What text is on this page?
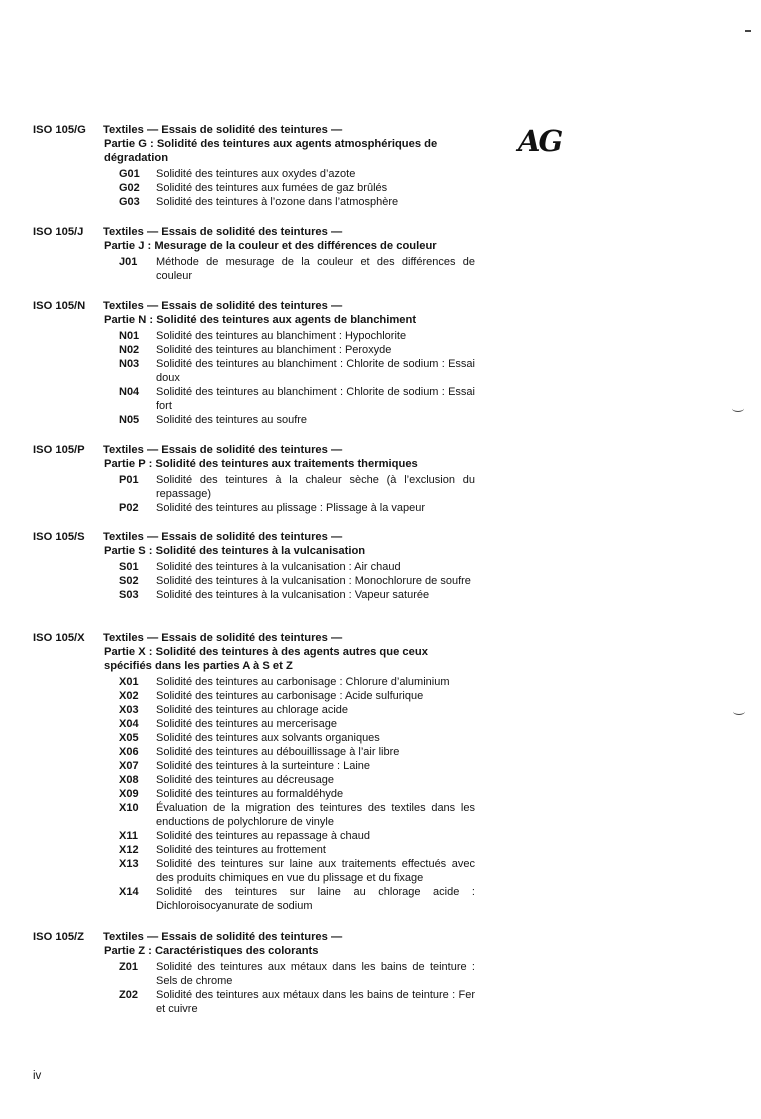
AG
ISO 105/G Textiles — Essais de solidité des teintures —
Partie G : Solidité des teintures aux agents atmosphériques de dégradation
G01	Solidité des teintures aux oxydes d’azote
G02	Solidité des teintures aux fumées de gaz brûlés
G03	Solidité des teintures à l’ozone dans l’atmosphère
ISO 105/J Textiles — Essais de solidité des teintures —
Partie J : Mesurage de la couleur et des différences de couleur
J01	Méthode de mesurage de la couleur et des différences de couleur
ISO 105/N Textiles — Essais de solidité des teintures —
Partie N : Solidité des teintures aux agents de blanchiment
N01	Solidité des teintures au blanchiment : Hypochlorite
N02	Solidité des teintures au blanchiment : Peroxyde
N03	Solidité des teintures au blanchiment : Chlorite de sodium : Essai doux
N04	Solidité des teintures au blanchiment : Chlorite de sodium : Essai fort
N05	Solidité des teintures au soufre
ISO 105/P Textiles — Essais de solidité des teintures —
Partie P : Solidité des teintures aux traitements thermiques
P01	Solidité des teintures à la chaleur sèche (à l’exclusion du repassage)
P02	Solidité des teintures au plissage : Plissage à la vapeur
ISO 105/S Textiles — Essais de solidité des teintures —
Partie S : Solidité des teintures à la vulcanisation
S01	Solidité des teintures à la vulcanisation : Air chaud
S02	Solidité des teintures à la vulcanisation : Monochlorure de soufre
S03	Solidité des teintures à la vulcanisation : Vapeur saturée
ISO 105/X Textiles — Essais de solidité des teintures —
Partie X : Solidité des teintures à des agents autres que ceux spécifiés dans les parties A à S et Z
X01	Solidité des teintures au carbonisage : Chlorure d’aluminium
X02	Solidité des teintures au carbonisage : Acide sulfurique
X03	Solidité des teintures au chlorage acide
X04	Solidité des teintures au mercerisage
X05	Solidité des teintures aux solvants organiques
X06	Solidité des teintures au débouillissage à l’air libre
X07	Solidité des teintures à la surteinture : Laine
X08	Solidité des teintures au décreusage
X09	Solidité des teintures au formaldéhyde
X10	Évaluation de la migration des teintures des textiles dans les enductions de polychlorure de vinyle
X11	Solidité des teintures au repassage à chaud
X12	Solidité des teintures au frottement
X13	Solidité des teintures sur laine aux traitements effectués avec des produits chimiques en vue du plissage et du fixage
X14	Solidité des teintures sur laine au chlorage acide : Dichloroisocyanurate de sodium
ISO 105/Z Textiles — Essais de solidité des teintures —
Partie Z : Caractéristiques des colorants
Z01	Solidité des teintures aux métaux dans les bains de teinture : Sels de chrome
Z02	Solidité des teintures aux métaux dans les bains de teinture : Fer et cuivre
iv
